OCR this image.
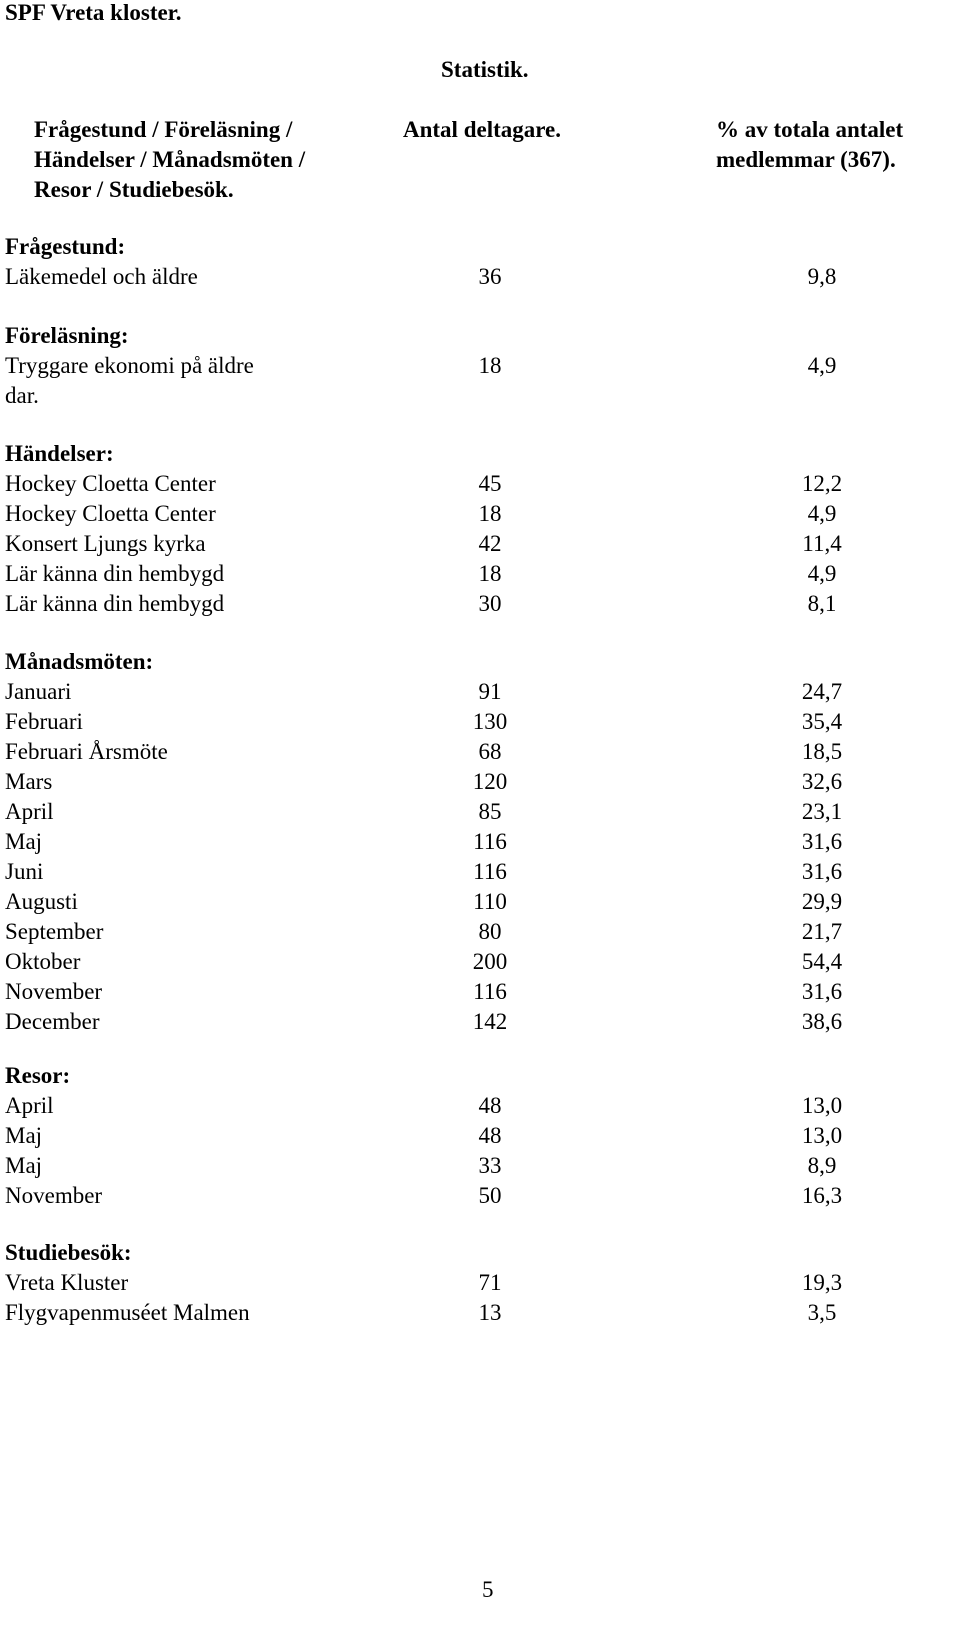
SPF Vreta kloster.
Statistik.
Frågestund / Föreläsning /
Händelser / Månadsmöten /
Resor / Studiebesök.
Antal deltagare.	% av totala antalet
medlemmar (367).
Frågestund:
Läkemedel och äldre	36	9,8
Föreläsning:
Tryggare ekonomi på äldre	18	4,9
dar.
Händelser:
Hockey Cloetta Center	45	12,2
Hockey Cloetta Center	18	4,9
Konsert Ljungs kyrka	42	11,4
Lär känna din hembygd	18	4,9
Lär känna din hembygd	30	8,1
Månadsmöten:
Januari	91	24,7
Februari	130	35,4
Februari Årsmöte	68	18,5
Mars	120	32,6
April	85	23,1
Maj	116	31,6
Juni	116	31,6
Augusti	110	29,9
September	80	21,7
Oktober	200	54,4
November	116	31,6
December	142	38,6
Resor:
April	48	13,0
Maj	48	13,0
Maj	33	8,9
November	50	16,3
Studiebesök:
Vreta Kluster	71	19,3
Flygvapenmuséet Malmen	13	3,5
5
